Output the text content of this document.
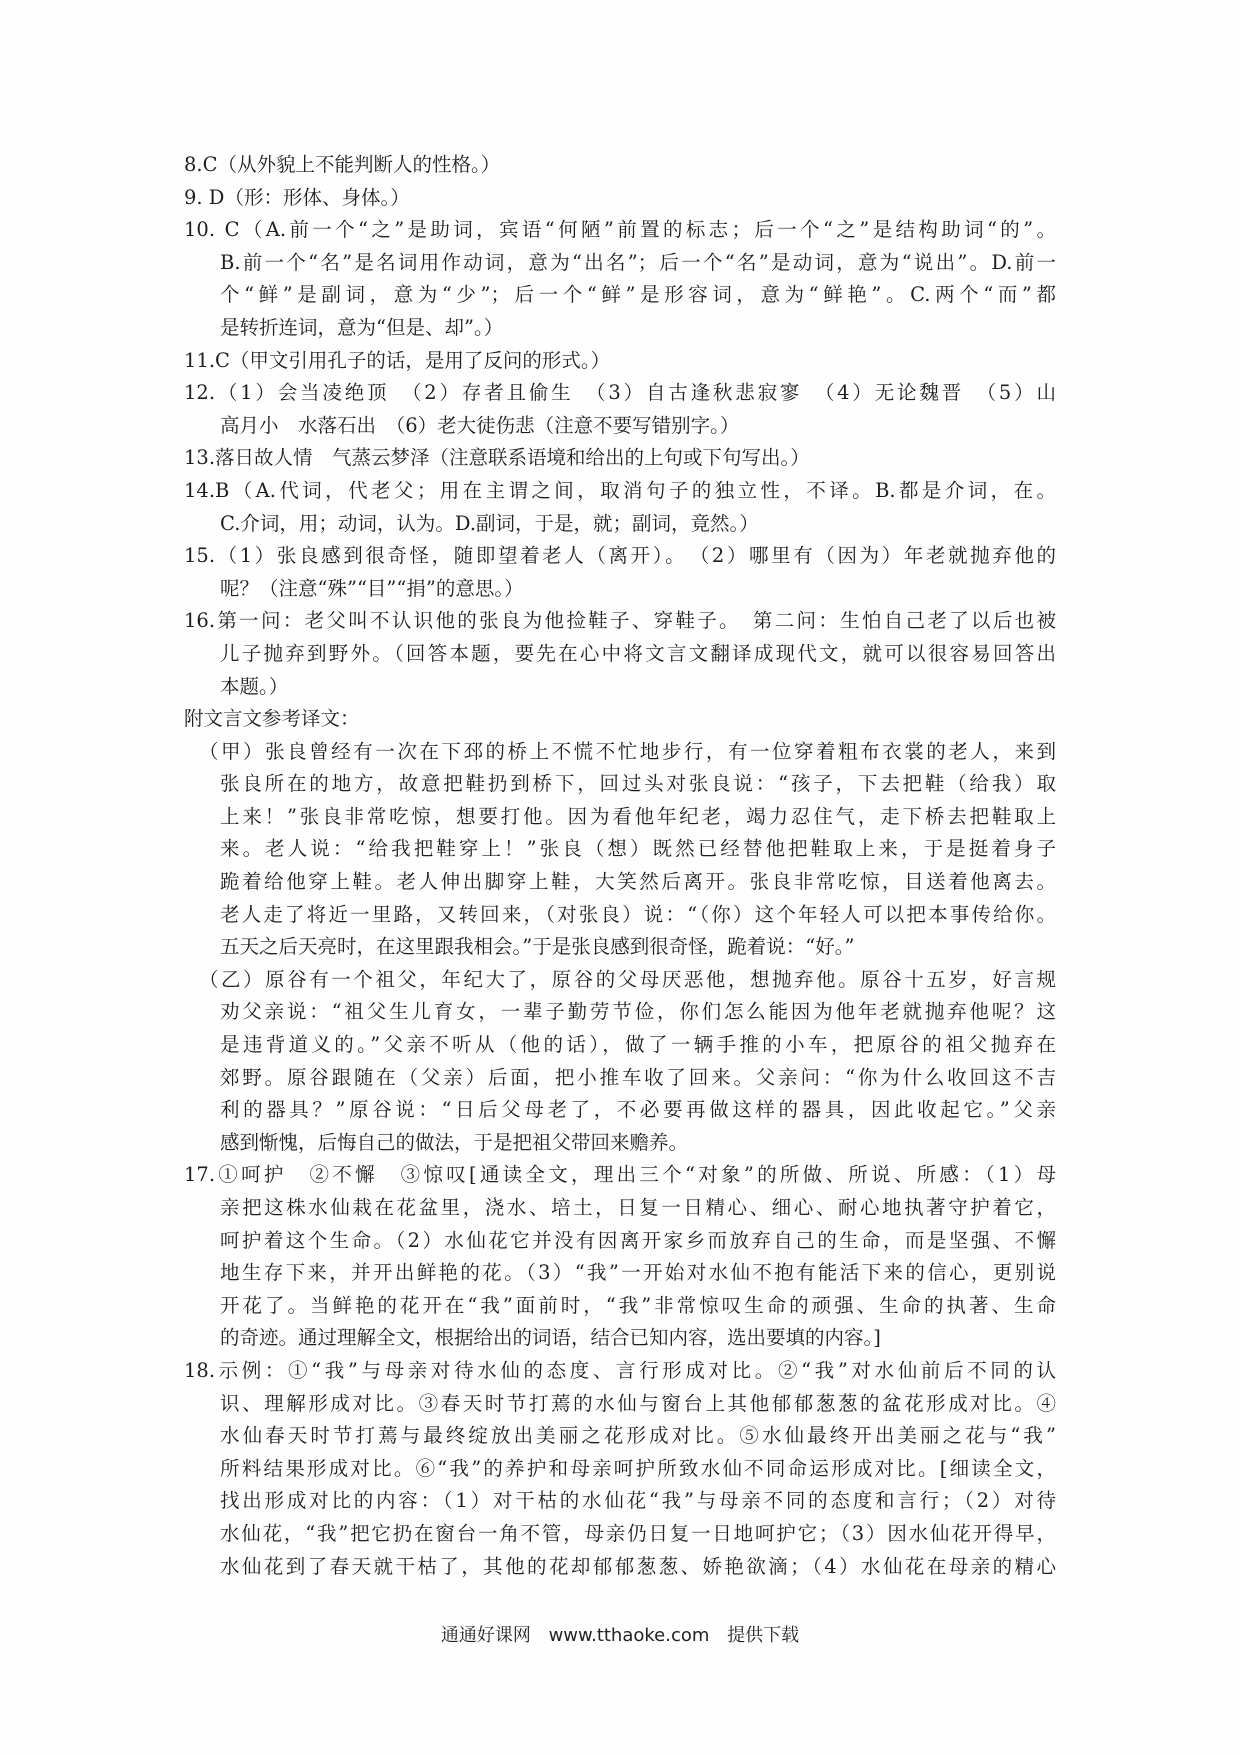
8.C（从外貌上不能判断人的性格。）
9. D（形：形体、身体。）
10. C（A.前一个“之”是助词，宾语“何陋”前置的标志；后一个“之”是结构助词“的”。
B.前一个“名”是名词用作动词，意为“出名”；后一个“名”是动词，意为“说出”。D.前一
个“鲜”是副词，意为“少”；后一个“鲜”是形容词，意为“鲜艳”。C.两个“而”都
是转折连词，意为“但是、却”。）
11.C（甲文引用孔子的话，是用了反问的形式。）
12.（1）会当凌绝顶　（2）存者且偷生　（3）自古逢秋悲寂寥　（4）无论魏晋　（5）山
高月小　水落石出　（6）老大徒伤悲（注意不要写错别字。）
13.落日故人情　气蒸云梦泽（注意联系语境和给出的上句或下句写出。）
14.B（A.代词，代老父；用在主谓之间，取消句子的独立性，不译。B.都是介词，在。
C.介词，用；动词，认为。D.副词，于是，就；副词，竟然。）
15.（1）张良感到很奇怪，随即望着老人（离开）。　（2）哪里有（因为）年老就抛弃他的
呢？（注意“殊”“目”“捐”的意思。）
16.第一问：老父叫不认识他的张良为他捡鞋子、穿鞋子。　第二问：生怕自己老了以后也被
儿子抛弃到野外。（回答本题，要先在心中将文言文翻译成现代文，就可以很容易回答出
本题。）
附文言文参考译文：
（甲）张良曾经有一次在下邳的桥上不慌不忙地步行，有一位穿着粗布衣裳的老人，来到
张良所在的地方，故意把鞋扔到桥下，回过头对张良说：“孩子，下去把鞋（给我）取
上来！”张良非常吃惊，想要打他。因为看他年纪老，竭力忍住气，走下桥去把鞋取上
来。老人说：“给我把鞋穿上！”张良（想）既然已经替他把鞋取上来，于是挺着身子
跪着给他穿上鞋。老人伸出脚穿上鞋，大笑然后离开。张良非常吃惊，目送着他离去。
老人走了将近一里路，又转回来，（对张良）说：“（你）这个年轻人可以把本事传给你。
五天之后天亮时，在这里跟我相会。”于是张良感到很奇怪，跪着说：“好。”
（乙）原谷有一个祖父，年纪大了，原谷的父母厌恶他，想抛弃他。原谷十五岁，好言规
劝父亲说：“祖父生儿育女，一辈子勤劳节俭，你们怎么能因为他年老就抛弃他呢？这
是违背道义的。”父亲不听从（他的话），做了一辆手推的小车，把原谷的祖父抛弃在
郊野。原谷跟随在（父亲）后面，把小推车收了回来。父亲问：“你为什么收回这不吉
利的器具？”原谷说：“日后父母老了，不必要再做这样的器具，因此收起它。”父亲
感到惭愧，后悔自己的做法，于是把祖父带回来赡养。
17.①呵护　②不懈　③惊叹[通读全文，理出三个“对象”的所做、所说、所感：（1）母
亲把这株水仙栽在花盆里，浇水、培土，日复一日精心、细心、耐心地执著守护着它，
呵护着这个生命。（2）水仙花它并没有因离开家乡而放弃自己的生命，而是坚强、不懈
地生存下来，并开出鲜艳的花。（3）“我”一开始对水仙不抱有能活下来的信心，更别说
开花了。当鲜艳的花开在“我”面前时，“我”非常惊叹生命的顽强、生命的执著、生命
的奇迹。通过理解全文，根据给出的词语，结合已知内容，选出要填的内容。]
18.示例：①“我”与母亲对待水仙的态度、言行形成对比。②“我”对水仙前后不同的认
识、理解形成对比。③春天时节打蔫的水仙与窗台上其他郁郁葱葱的盆花形成对比。④
水仙春天时节打蔫与最终绽放出美丽之花形成对比。⑤水仙最终开出美丽之花与“我”
所料结果形成对比。⑥“我”的养护和母亲呵护所致水仙不同命运形成对比。[细读全文，
找出形成对比的内容：（1）对干枯的水仙花“我”与母亲不同的态度和言行；（2）对待
水仙花，“我”把它扔在窗台一角不管，母亲仍日复一日地呵护它；（3）因水仙花开得早，
水仙花到了春天就干枯了，其他的花却郁郁葱葱、娇艳欲滴；（4）水仙花在母亲的精心
通通好课网 www.tthaoke.com 提供下载
